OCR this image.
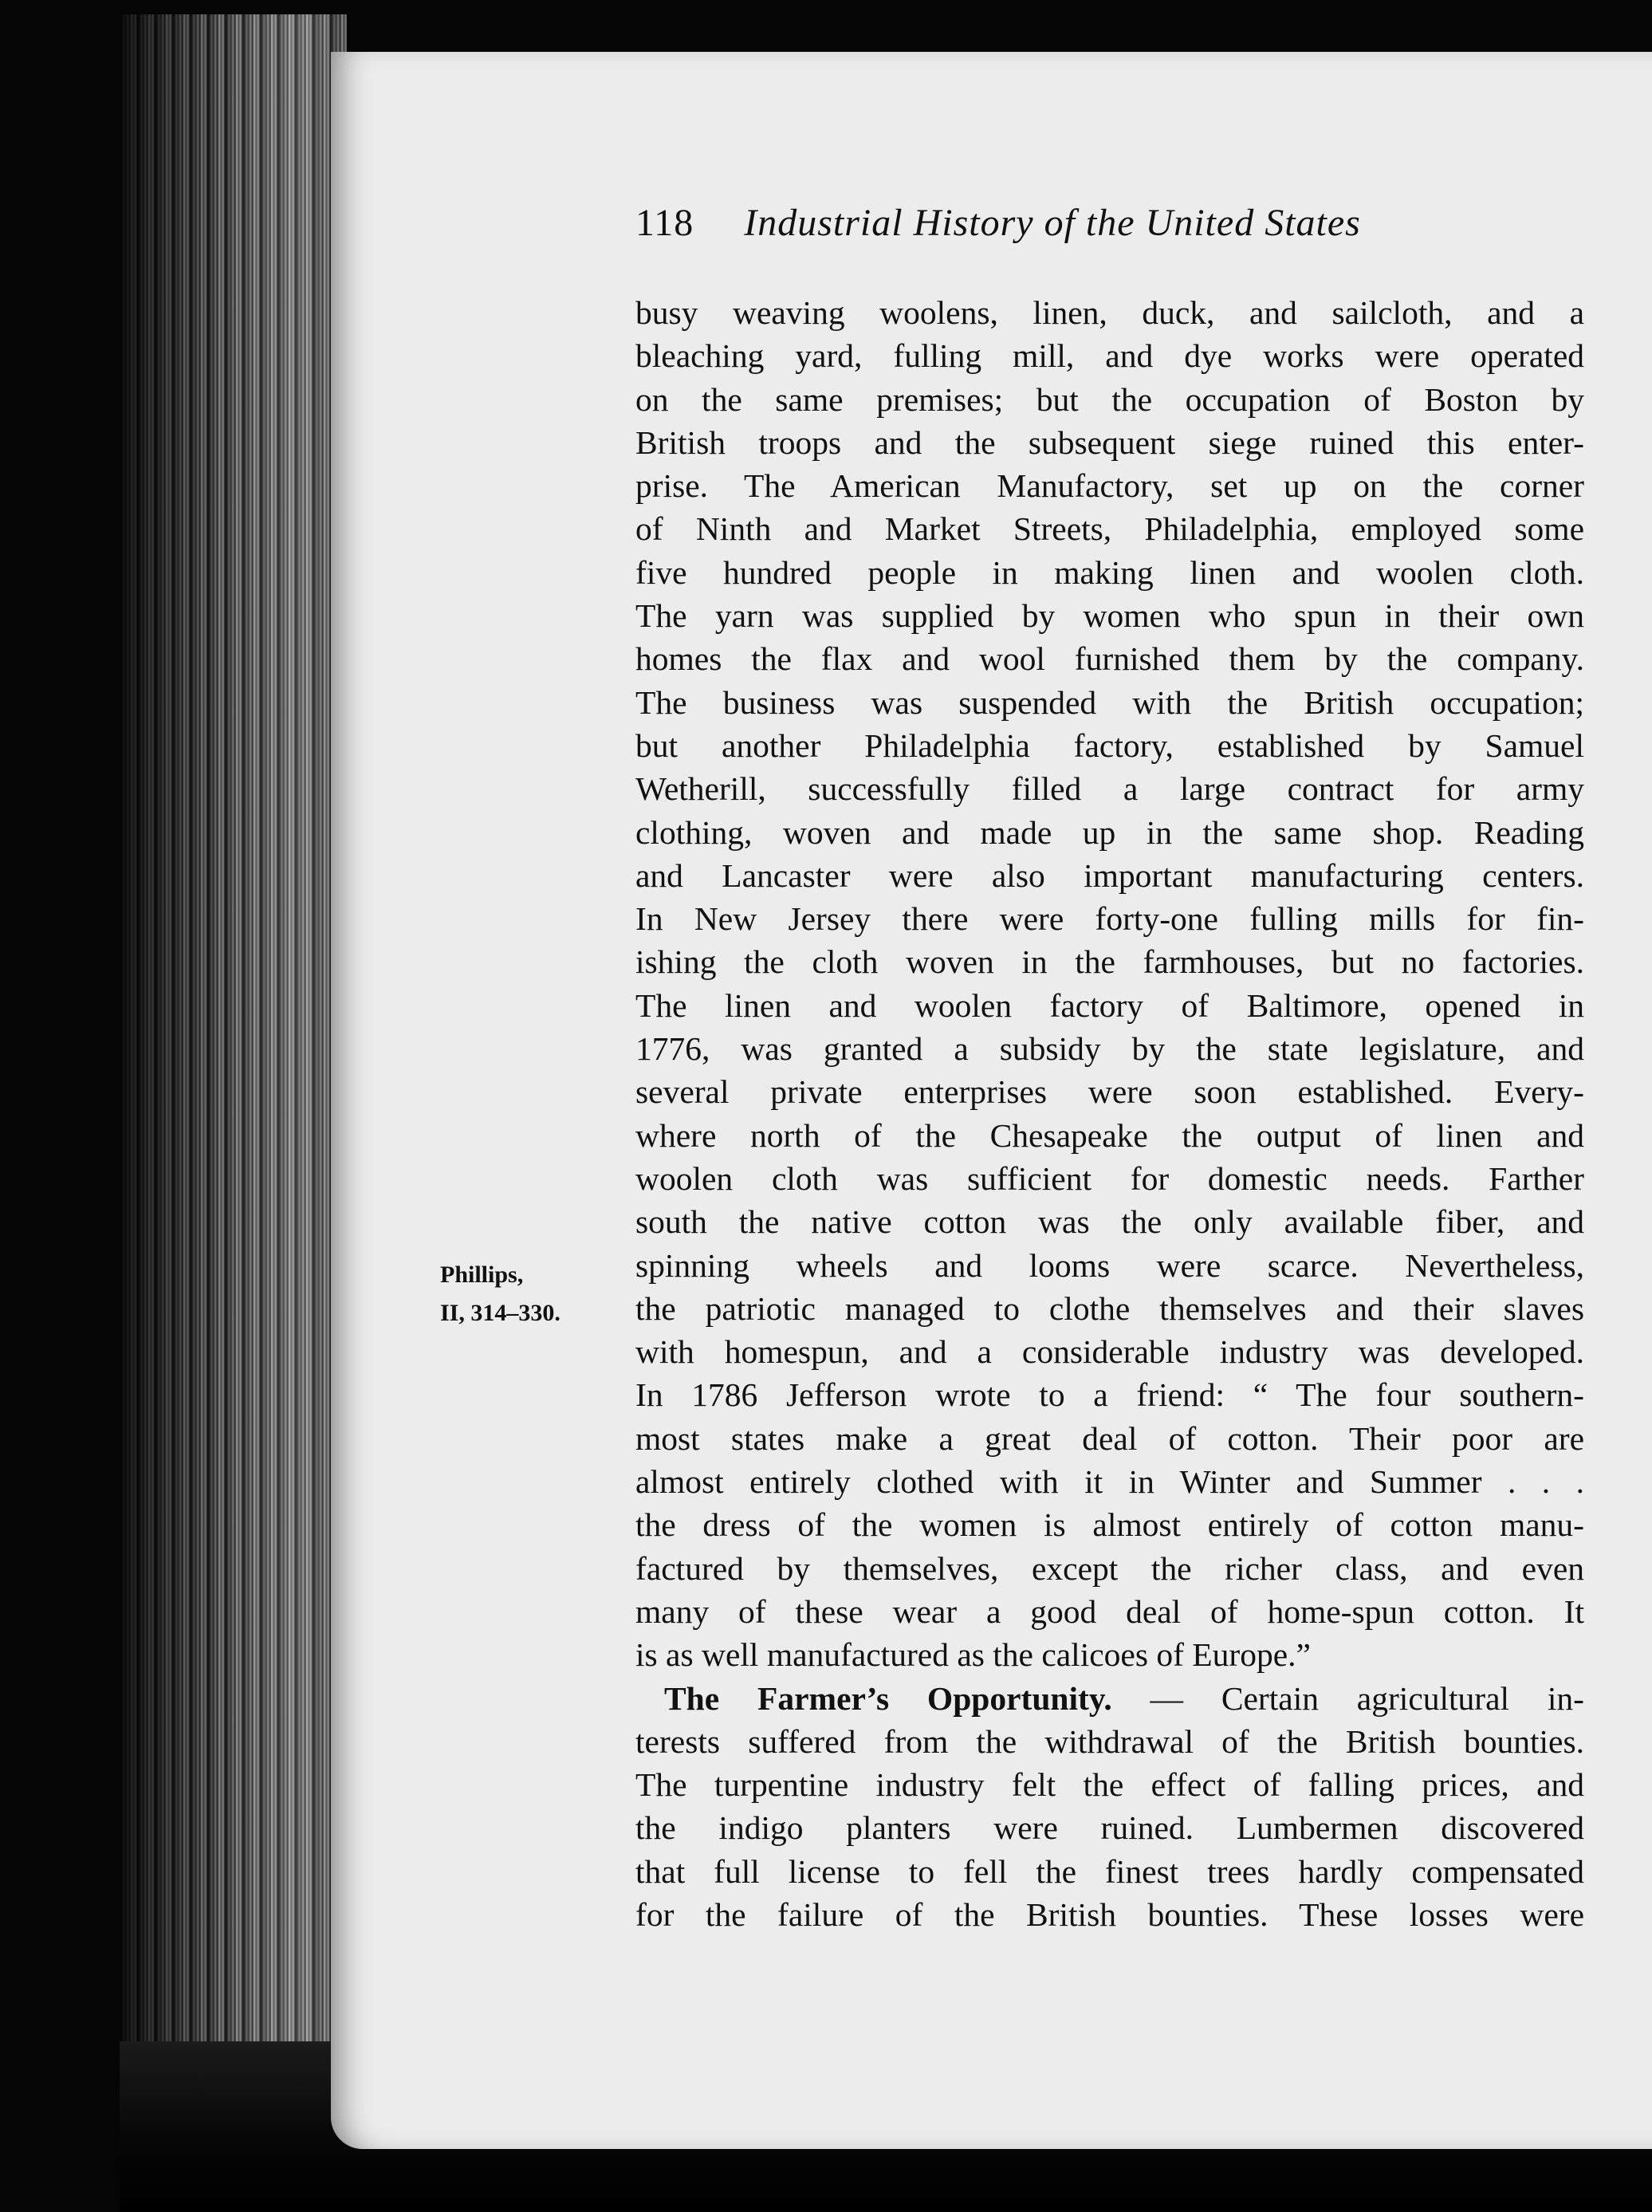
118 Industrial History of the United States
Phillips,
II, 314–330.
busy weaving woolens, linen, duck, and sailcloth, and a
bleaching yard, fulling mill, and dye works were operated
on the same premises; but the occupation of Boston by
British troops and the subsequent siege ruined this enter-
prise. The American Manufactory, set up on the corner
of Ninth and Market Streets, Philadelphia, employed some
five hundred people in making linen and woolen cloth.
The yarn was supplied by women who spun in their own
homes the flax and wool furnished them by the company.
The business was suspended with the British occupation;
but another Philadelphia factory, established by Samuel
Wetherill, successfully filled a large contract for army
clothing, woven and made up in the same shop. Reading
and Lancaster were also important manufacturing centers.
In New Jersey there were forty-one fulling mills for fin-
ishing the cloth woven in the farmhouses, but no factories.
The linen and woolen factory of Baltimore, opened in
1776, was granted a subsidy by the state legislature, and
several private enterprises were soon established. Every-
where north of the Chesapeake the output of linen and
woolen cloth was sufficient for domestic needs. Farther
south the native cotton was the only available fiber, and
spinning wheels and looms were scarce. Nevertheless,
the patriotic managed to clothe themselves and their slaves
with homespun, and a considerable industry was developed.
In 1786 Jefferson wrote to a friend: “ The four southern-
most states make a great deal of cotton. Their poor are
almost entirely clothed with it in Winter and Summer . . .
the dress of the women is almost entirely of cotton manu-
factured by themselves, except the richer class, and even
many of these wear a good deal of home-spun cotton. It
is as well manufactured as the calicoes of Europe.”
The Farmer’s Opportunity. — Certain agricultural in-
terests suffered from the withdrawal of the British bounties.
The turpentine industry felt the effect of falling prices, and
the indigo planters were ruined. Lumbermen discovered
that full license to fell the finest trees hardly compensated
for the failure of the British bounties. These losses were
